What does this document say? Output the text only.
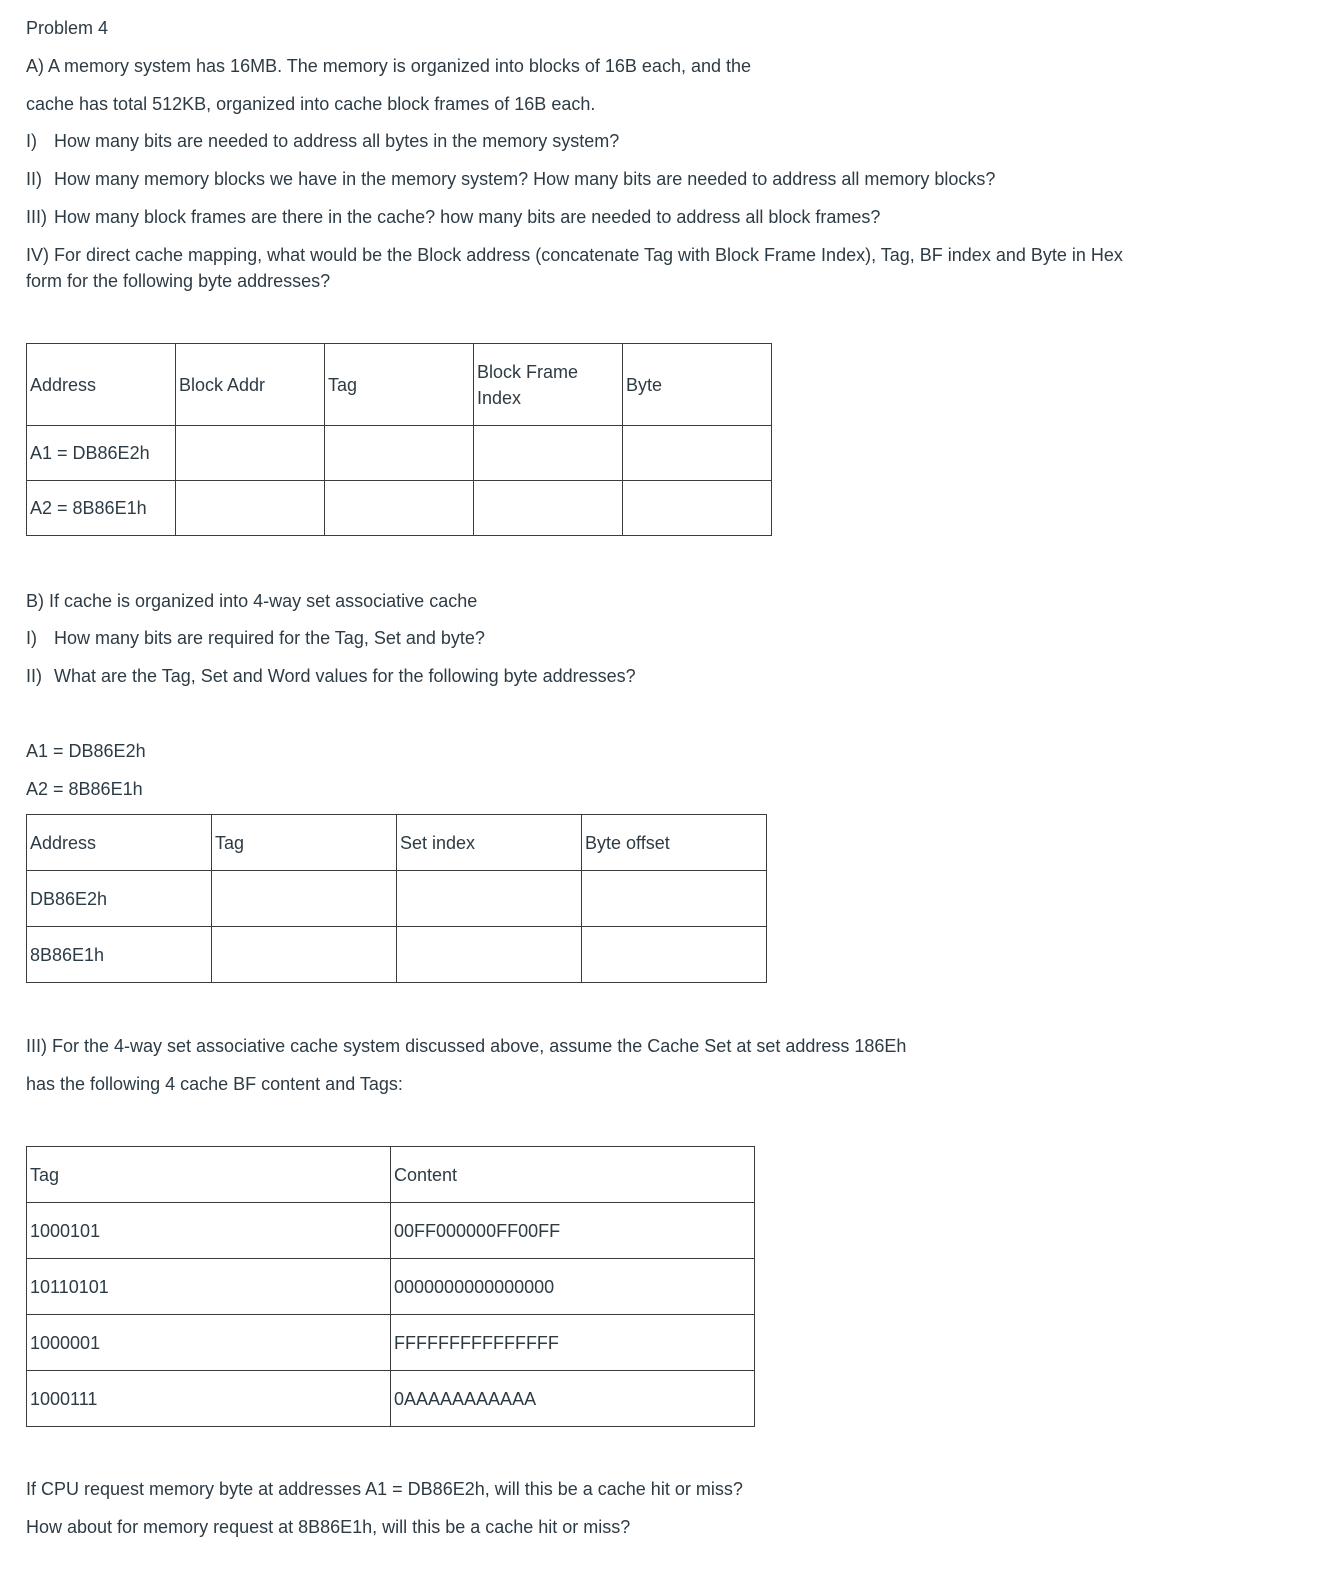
Problem 4

A) A memory system has 16MB. The memory is organized into blocks of 16B each, and the

cache has total 512KB, organized into cache block frames of 16B each.

I) How many bits are needed to address all bytes in the memory system?

II) How many memory blocks we have in the memory system? How many bits are needed to address all memory blocks?

III) How many block frames are there in the cache? how many bits are needed to address all block frames?

IV) For direct cache mapping, what would be the Block address (concatenate Tag with Block Frame Index), Tag, BF index and Byte in Hex form for the following byte addresses?

Address	Block Addr	Tag	Block Frame Index	Byte
A1 = DB86E2h				
A2 = 8B86E1h				

B) If cache is organized into 4-way set associative cache

I) How many bits are required for the Tag, Set and byte?

II) What are the Tag, Set and Word values for the following byte addresses?

A1 = DB86E2h

A2 = 8B86E1h

Address	Tag	Set index	Byte offset
DB86E2h			
8B86E1h			

III) For the 4-way set associative cache system discussed above, assume the Cache Set at set address 186Eh

has the following 4 cache BF content and Tags:

Tag	Content
1000101	00FF000000FF00FF
10110101	0000000000000000
1000001	FFFFFFFFFFFFFFF
1000111	0AAAAAAAAAAA

If CPU request memory byte at addresses A1 = DB86E2h, will this be a cache hit or miss?

How about for memory request at 8B86E1h, will this be a cache hit or miss?
